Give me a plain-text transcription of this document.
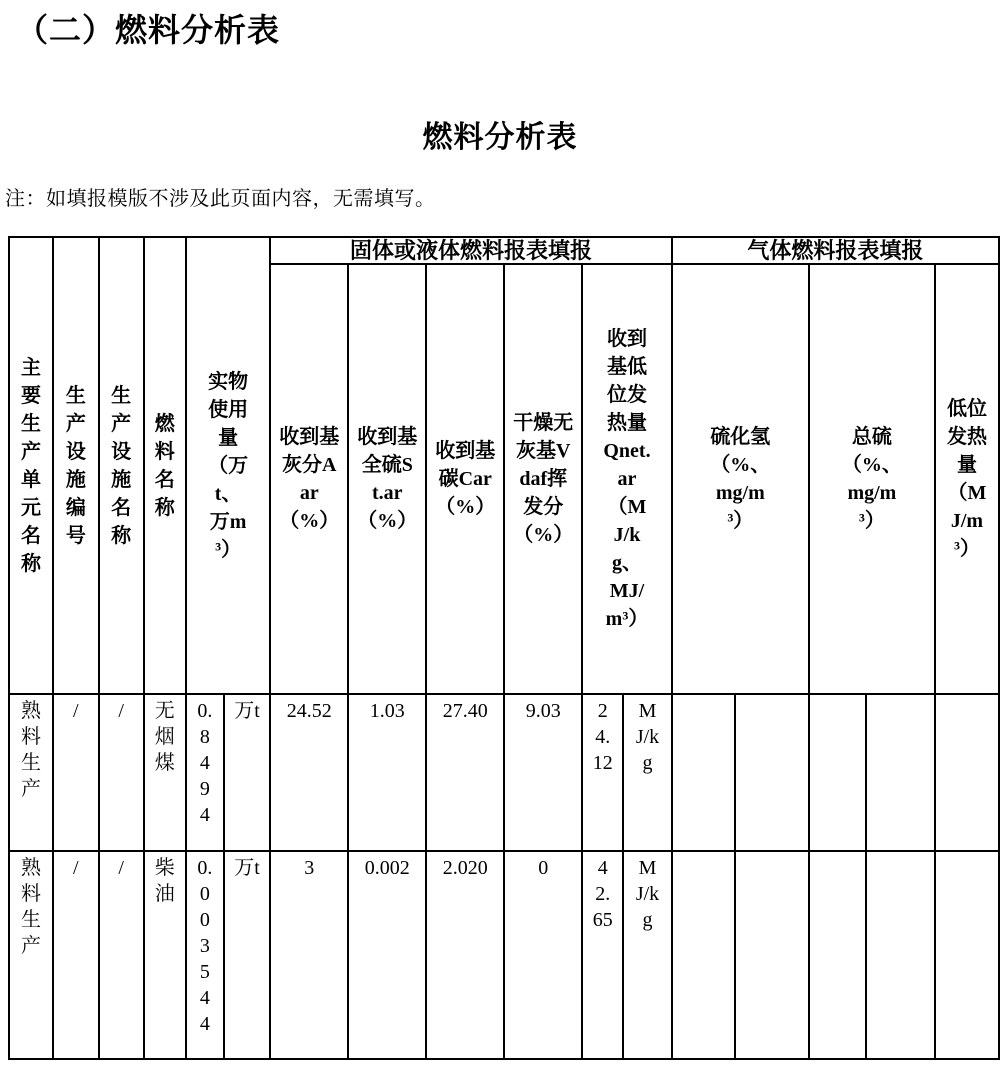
（二）燃料分析表
燃料分析表
注：如填报模版不涉及此页面内容，无需填写。
主要生产单元名称	生产设施编号	生产设施名称	燃料名称	实物使用量（万t、万m³）		固体或液体燃料报表填报						气体燃料报表填报				
						收到基灰分Aar（%）	收到基全硫St.ar（%）	收到基碳Car（%）	干燥无灰基Vdaf挥发分（%）	收到基低位发热量Qnet.ar（MJ/kg、MJ/m³）		硫化氢（%、mg/m³）		总硫（%、mg/m³）		低位发热量（MJ/m³）
熟料生产	/	/	无烟煤	0.8494	万t	24.52	1.03	27.40	9.03	24.12	MJ/kg					
熟料生产	/	/	柴油	0.003544	万t	3	0.002	2.020	0	42.65	MJ/kg					
